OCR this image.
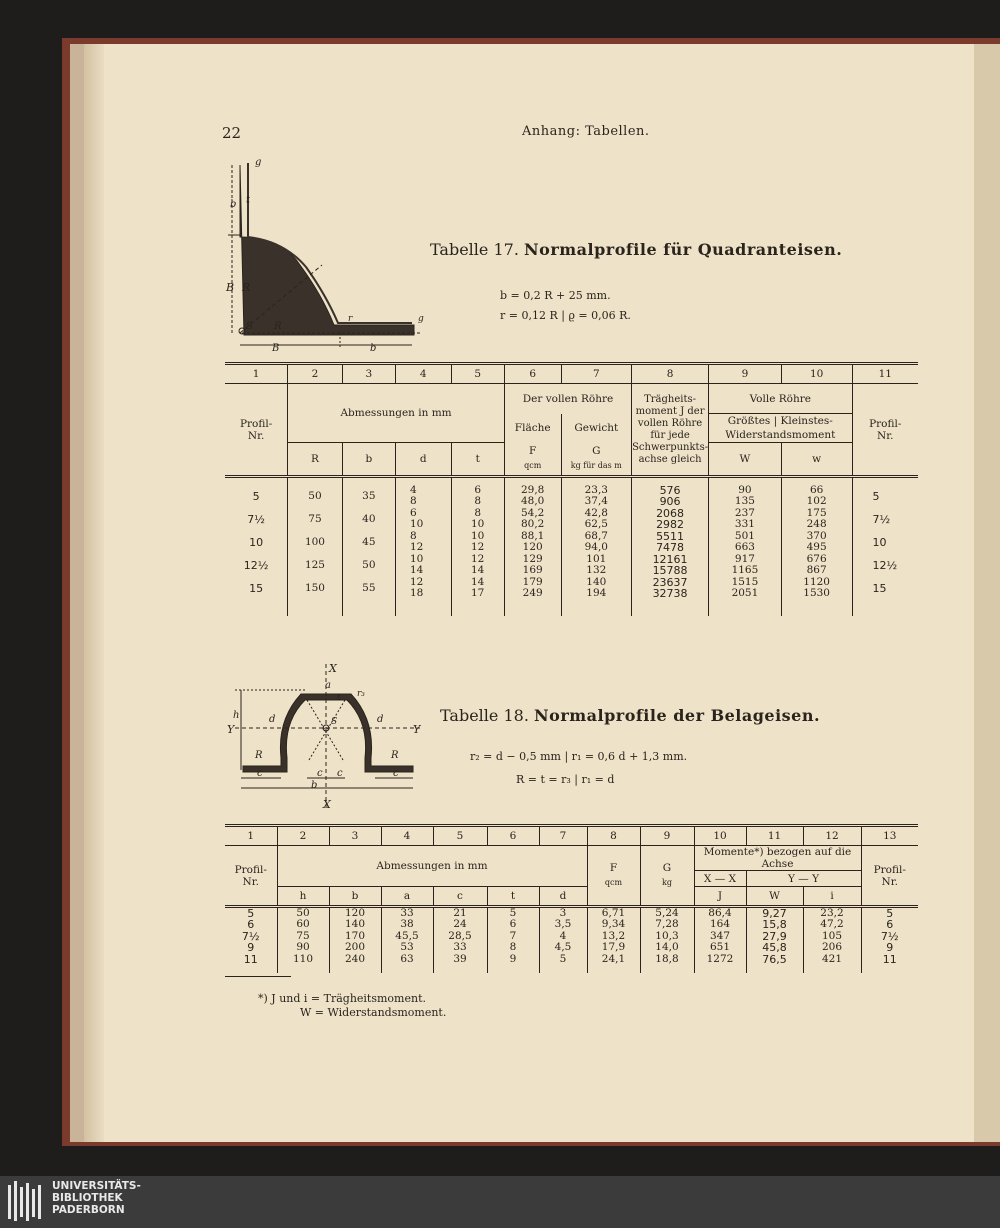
22	Anhang: Tabellen.
g
b t
B R
S R
r	g
B	b
Tabelle 17. Normalprofile für Quadranteisen.
b = 0,2 R + 25 mm.
r = 0,12 R | ϱ = 0,06 R.
1	2	3	4	5	6	7	8	9	10	11
Profil-Nr.	Abmessungen in mm				Der vollen Röhre		Trägheits-moment J der vollen Röhre für jede Schwerpunkts-achse gleich	Volle Röhre		Profil-Nr.
					Fläche	Gewicht		Größtes | Kleinstes-
Widerstandsmoment		
	R	b	d	t	F
qcm	G
kg für das m		W	w	

5	50	35	4	6	29,8	23,3	576	90	66	5
			8	8	48,0	37,4	906	135	102	
7½	75	40	6	8	54,2	42,8	2068	237	175	7½
			10	10	80,2	62,5	2982	331	248	
10	100	45	8	10	88,1	68,7	5511	501	370	10
			12	12	120	94,0	7478	663	495	
12½	125	50	10	12	129	101	12161	917	676	12½
			14	14	169	132	15788	1165	867	
15	150	55	12	14	179	140	23637	1515	1120	15
			18	17	249	194	32738	2051	1530	

X
X
a
t r₃
h	d	d
Y	Y
S
R	R
c	c c	c
b
Tabelle 18. Normalprofile der Belageisen.
r₂ = d − 0,5 mm | r₁ = 0,6 d + 1,3 mm.
R = t = r₃ | r₁ = d
1	2	3	4	5	6	7	8	9	10	11	12	13
Profil-Nr.	Abmessungen in mm						F
qcm	G
kg	Momente*) bezogen auf die Achse			Profil-Nr.
									X — X	Y — Y		
	h	b	a	c	t	d			J	W	i	
5	50	120	33	21	5	3	6,71	5,24	86,4	9,27	23,2	5
6	60	140	38	24	6	3,5	9,34	7,28	164	15,8	47,2	6
7½	75	170	45,5	28,5	7	4	13,2	10,3	347	27,9	105	7½
9	90	200	53	33	8	4,5	17,9	14,0	651	45,8	206	9
11	110	240	63	39	9	5	24,1	18,8	1272	76,5	421	11

*) J und i = Trägheitsmoment.
W = Widerstandsmoment.
UNIVERSITÄTS-
BIBLIOTHEK
PADERBORN
